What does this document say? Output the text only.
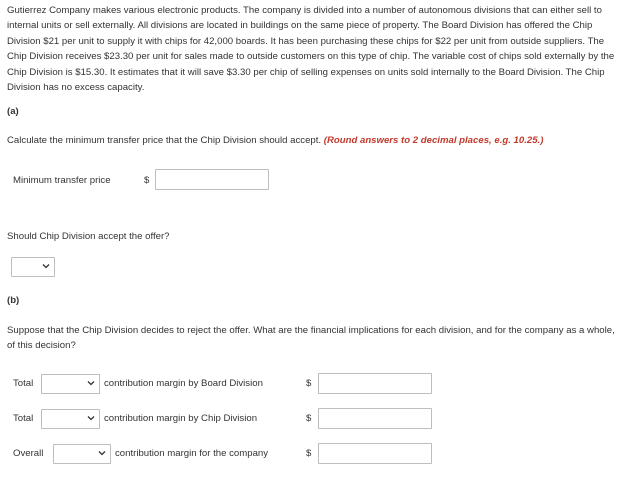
Gutierrez Company makes various electronic products. The company is divided into a number of autonomous divisions that can either sell to internal units or sell externally. All divisions are located in buildings on the same piece of property. The Board Division has offered the Chip Division $21 per unit to supply it with chips for 42,000 boards. It has been purchasing these chips for $22 per unit from outside suppliers. The Chip Division receives $23.30 per unit for sales made to outside customers on this type of chip. The variable cost of chips sold externally by the Chip Division is $15.30. It estimates that it will save $3.30 per chip of selling expenses on units sold internally to the Board Division. The Chip Division has no excess capacity.
(a)
Calculate the minimum transfer price that the Chip Division should accept. (Round answers to 2 decimal places, e.g. 10.25.)
Minimum transfer price	$
Should Chip Division accept the offer?
(b)
Suppose that the Chip Division decides to reject the offer. What are the financial implications for each division, and for the company as a whole, of this decision?
Total	contribution margin by Board Division	$
Total	contribution margin by Chip Division	$
Overall	contribution margin for the company	$
